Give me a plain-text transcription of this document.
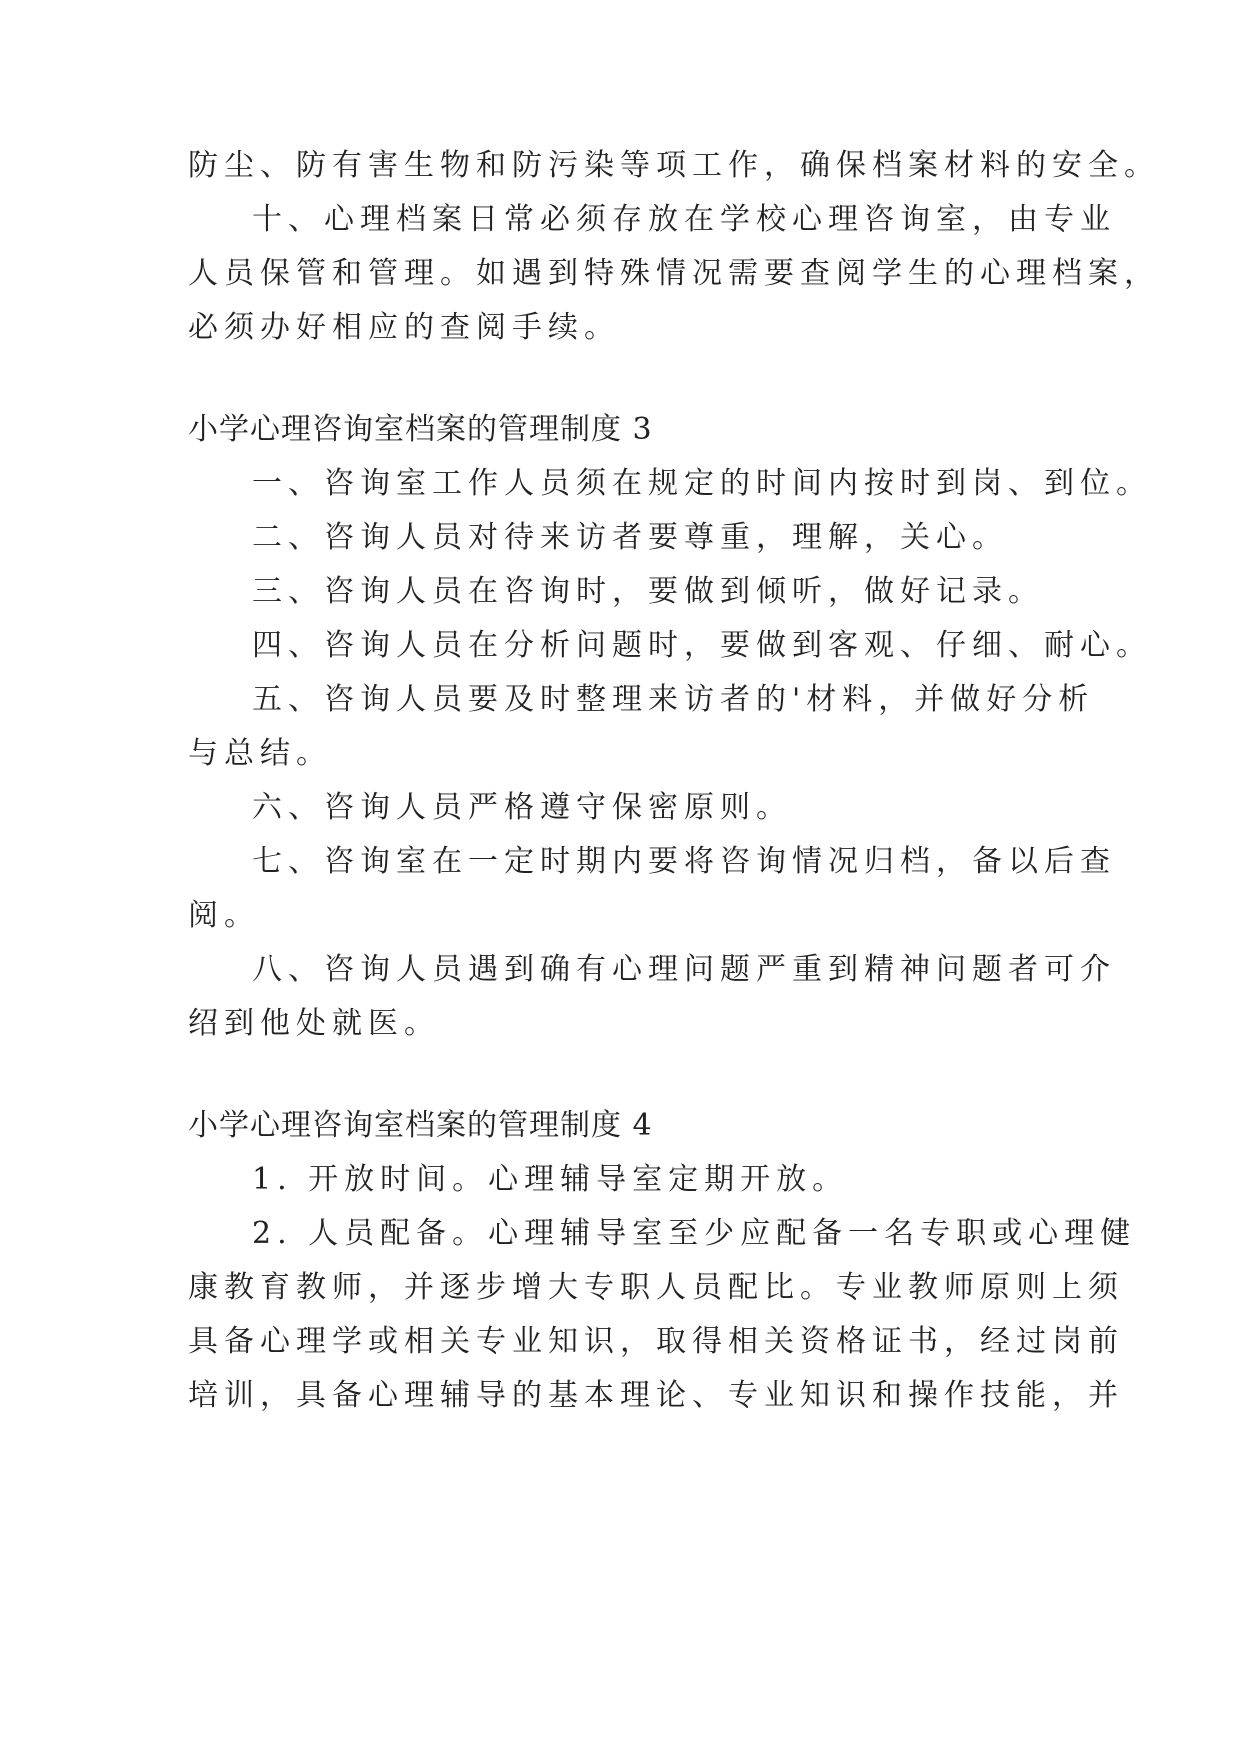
防尘、防有害生物和防污染等项工作，确保档案材料的安全。
十、心理档案日常必须存放在学校心理咨询室，由专业
人员保管和管理。如遇到特殊情况需要查阅学生的心理档案，
必须办好相应的查阅手续。
小学心理咨询室档案的管理制度 3
一、咨询室工作人员须在规定的时间内按时到岗、到位。
二、咨询人员对待来访者要尊重，理解，关心。
三、咨询人员在咨询时，要做到倾听，做好记录。
四、咨询人员在分析问题时，要做到客观、仔细、耐心。
五、咨询人员要及时整理来访者的'材料，并做好分析
与总结。
六、咨询人员严格遵守保密原则。
七、咨询室在一定时期内要将咨询情况归档，备以后查
阅。
八、咨询人员遇到确有心理问题严重到精神问题者可介
绍到他处就医。
小学心理咨询室档案的管理制度 4
1. 开放时间。心理辅导室定期开放。
2. 人员配备。心理辅导室至少应配备一名专职或心理健
康教育教师，并逐步增大专职人员配比。专业教师原则上须
具备心理学或相关专业知识，取得相关资格证书，经过岗前
培训，具备心理辅导的基本理论、专业知识和操作技能，并
